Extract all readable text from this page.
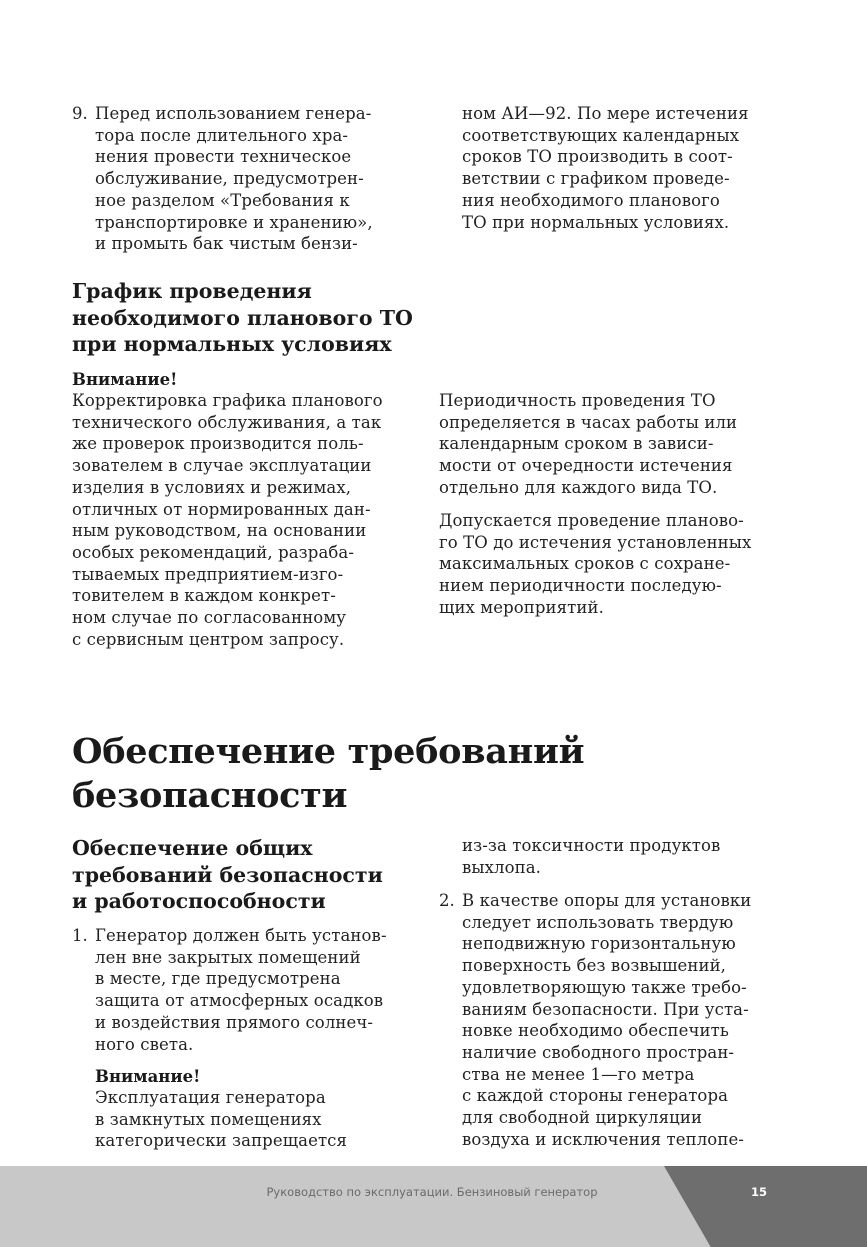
9. Перед использованием генера-
тора после длительного хра-
нения провести техническое
обслуживание, предусмотрен-
ное разделом «Требования к
транспортировке и хранению»,
и промыть бак чистым бензи-

ном АИ—92. По мере истечения
соответствующих календарных
сроков ТО производить в соот-
ветствии с графиком проведе-
ния необходимого планового
ТО при нормальных условиях.

График проведения
необходимого планового ТО
при нормальных условиях
Внимание!

Корректировка графика планового
технического обслуживания, а так
же проверок производится поль-
зователем в случае эксплуатации
изделия в условиях и режимах,
отличных от нормированных дан-
ным руководством, на основании
особых рекомендаций, разраба-
тываемых предприятием-изго-
товителем в каждом конкрет-
ном случае по согласованному
с сервисным центром запросу.

Периодичность проведения ТО
определяется в часах работы или
календарным сроком в зависи-
мости от очередности истечения
отдельно для каждого вида ТО.

Допускается проведение планово-
го ТО до истечения установленных
максимальных сроков с сохране-
нием периодичности последую-
щих мероприятий.

Обеспечение требований
безопасности
Обеспечение общих
требований безопасности
и работоспособности
1. Генератор должен быть установ-
лен вне закрытых помещений
в месте, где предусмотрена
защита от атмосферных осадков
и воздействия прямого солнеч-
ного света.

Внимание!

Эксплуатация генератора
в замкнутых помещениях
категорически запрещается

из-за токсичности продуктов
выхлопа.

2. В качестве опоры для установки
следует использовать твердую
неподвижную горизонтальную
поверхность без возвышений,
удовлетворяющую также требо-
ваниям безопасности. При уста-
новке необходимо обеспечить
наличие свободного простран-
ства не менее 1—го метра
с каждой стороны генератора
для свободной циркуляции
воздуха и исключения теплопе-

Руководство по эксплуатации. Бензиновый генератор	15
